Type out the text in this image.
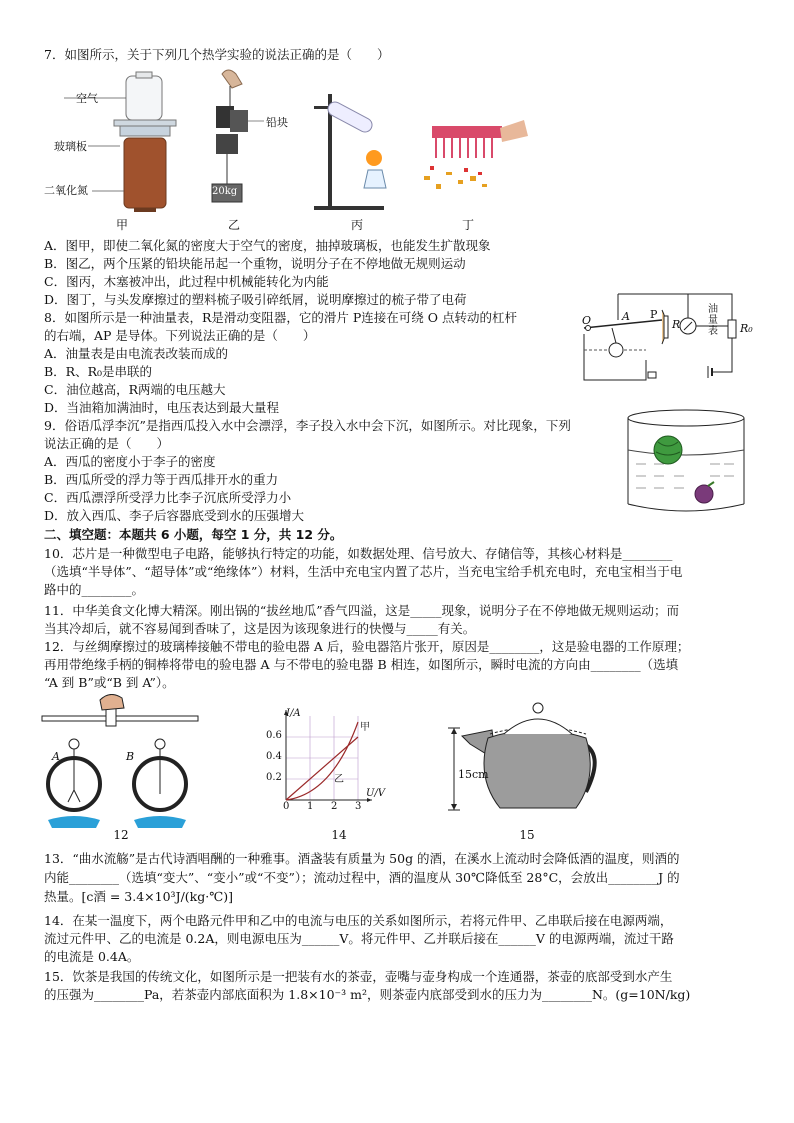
7．如图所示，关于下列几个热学实验的说法正确的是（　　）
空气
玻璃板
二氧化氮
铅块
20kg
甲	乙	丙	丁
A．图甲，即使二氧化氮的密度大于空气的密度，抽掉玻璃板，也能发生扩散现象
B．图乙，两个压紧的铅块能吊起一个重物，说明分子在不停地做无规则运动
C．图丙，木塞被冲出，此过程中机械能转化为内能
D．图丁，与头发摩擦过的塑料梳子吸引碎纸屑，说明摩擦过的梳子带了电荷
8．如图所示是一种油量表，R是滑动变阻器，它的滑片 P连接在可绕 O 点转动的杠杆
的右端，AP 是导体。下列说法正确的是（　　）
A．油量表是由电流表改装而成的
B．R、R₀是串联的
C．油位越高，R两端的电压越大
D．当油箱加满油时，电压表达到最大量程
O	A P
R
油
量
表 R₀
9．俗语瓜浮李沉”是指西瓜投入水中会漂浮，李子投入水中会下沉，如图所示。对比现象，下列
说法正确的是（　　）
A．西瓜的密度小于李子的密度
B．西瓜所受的浮力等于西瓜排开水的重力
C．西瓜漂浮所受浮力比李子沉底所受浮力小
D．放入西瓜、李子后容器底受到水的压强增大
二、填空题：本题共 6 小题，每空 1 分，共 12 分。
10．芯片是一种微型电子电路，能够执行特定的功能，如数据处理、信号放大、存储信等，其核心材料是________
（选填“半导体”、“超导体”或“绝缘体”）材料，生活中充电宝内置了芯片，当充电宝给手机充电时，充电宝相当于电
路中的________。
11．中华美食文化博大精深。刚出锅的“拔丝地瓜”香气四溢，这是_____现象，说明分子在不停地做无规则运动；而
当其冷却后，就不容易闻到香味了，这是因为该现象进行的快慢与_____有关。
12．与丝绸摩擦过的玻璃棒接触不带电的验电器 A 后，验电器箔片张开，原因是________，这是验电器的工作原理；
再用带绝缘手柄的铜棒将带电的验电器 A 与不带电的验电器 B 相连，如图所示，瞬时电流的方向由________（选填
“A 到 B”或“B 到 A”）。
A	B
12
I/A
U/V
甲
乙
0.6
0.4
0.2
0 1 2 3
14
15cm
15
13．“曲水流觞”是古代诗酒唱酬的一种雅事。酒盏装有质量为 50g 的酒，在溪水上流动时会降低酒的温度，则酒的
内能________（选填“变大”、“变小”或“不变”）；流动过程中，酒的温度从 30℃降低至 28°C，会放出________J 的
热量。[c酒 = 3.4×10³J/(kg·℃)]
14．在某一温度下，两个电路元件甲和乙中的电流与电压的关系如图所示，若将元件甲、乙串联后接在电源两端，
流过元件甲、乙的电流是 0.2A，则电源电压为______V。将元件甲、乙并联后接在______V 的电源两端，流过干路
的电流是 0.4A。
15．饮茶是我国的传统文化，如图所示是一把装有水的茶壶，壶嘴与壶身构成一个连通器，茶壶的底部受到水产生
的压强为________Pa，若茶壶内部底面积为 1.8×10⁻³ m²，则茶壶内底部受到水的压力为________N。(g=10N/kg)
